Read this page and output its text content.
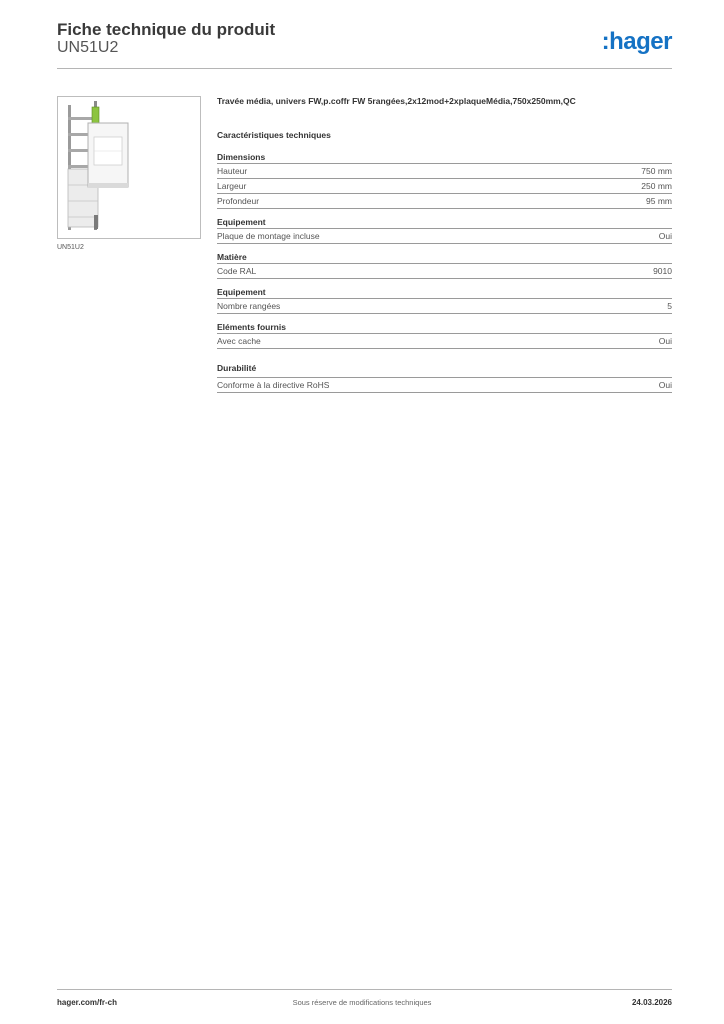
Fiche technique du produit
UN51U2	:hager
UN51U2

Travée média, univers FW,p.coffr FW 5rangées,2x12mod+2xplaqueMédia,750x250mm,QC

Caractéristiques techniques

Dimensions
Hauteur	750 mm
Largeur	250 mm
Profondeur	95 mm
Equipement
Plaque de montage incluse	Oui
Matière
Code RAL	9010
Equipement
Nombre rangées	5
Eléments fournis
Avec cache	Oui
Durabilité
Conforme à la directive RoHS	Oui
hager.com/fr-ch	Sous réserve de modifications techniques	24.03.2026
